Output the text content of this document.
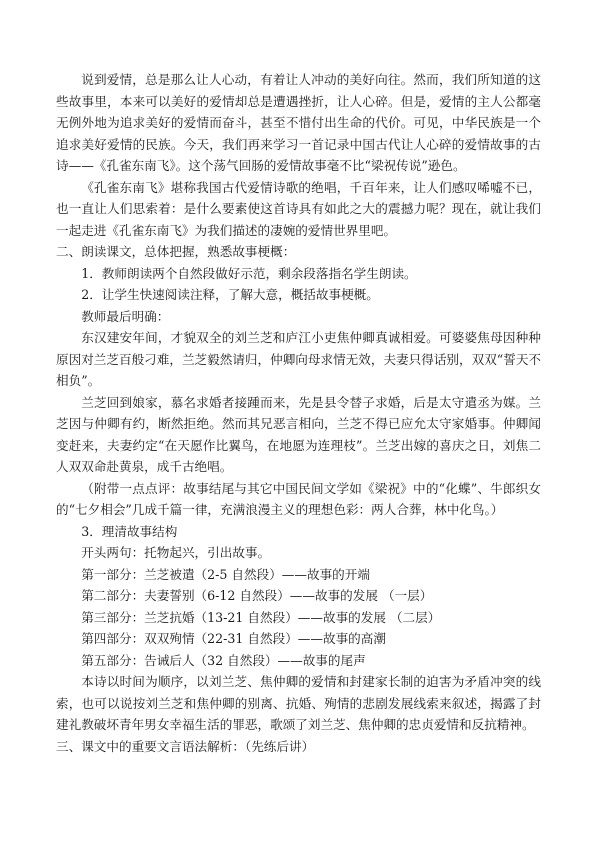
说到爱情，总是那么让人心动，有着让人冲动的美好向往。然而，我们所知道的这些故事里，本来可以美好的爱情却总是遭遇挫折，让人心碎。但是，爱情的主人公都毫无例外地为追求美好的爱情而奋斗，甚至不惜付出生命的代价。可见，中华民族是一个追求美好爱情的民族。今天，我们再来学习一首记录中国古代让人心碎的爱情故事的古诗——《孔雀东南飞》。这个荡气回肠的爱情故事毫不比“梁祝传说”逊色。

《孔雀东南飞》堪称我国古代爱情诗歌的绝唱，千百年来，让人们感叹唏嘘不已，也一直让人们思索着：是什么要素使这首诗具有如此之大的震撼力呢？现在，就让我们一起走进《孔雀东南飞》为我们描述的凄婉的爱情世界里吧。

二、朗读课文，总体把握，熟悉故事梗概：

1．教师朗读两个自然段做好示范，剩余段落指名学生朗读。

2．让学生快速阅读注释，了解大意，概括故事梗概。

教师最后明确：

东汉建安年间，才貌双全的刘兰芝和庐江小吏焦仲卿真诚相爱。可婆婆焦母因种种原因对兰芝百般刁难，兰芝毅然请归，仲卿向母求情无效，夫妻只得话别，双双“誓天不相负”。

兰芝回到娘家，慕名求婚者接踵而来，先是县令替子求婚，后是太守遣丞为媒。兰芝因与仲卿有约，断然拒绝。然而其兄恶言相向，兰芝不得已应允太守家婚事。仲卿闻变赶来，夫妻约定“在天愿作比翼鸟，在地愿为连理枝”。兰芝出嫁的喜庆之日，刘焦二人双双命赴黄泉，成千古绝唱。

（附带一点点评：故事结尾与其它中国民间文学如《梁祝》中的“化蝶”、牛郎织女的“七夕相会”几成千篇一律，充满浪漫主义的理想色彩：两人合葬，林中化鸟。）

3．理清故事结构

开头两句：托物起兴，引出故事。

第一部分：兰芝被遣（2-5 自然段）——故事的开端

第二部分：夫妻誓别（6-12 自然段）——故事的发展 （一层）

第三部分：兰芝抗婚（13-21 自然段）——故事的发展 （二层）

第四部分：双双殉情（22-31 自然段）——故事的高潮

第五部分：告诫后人（32 自然段）——故事的尾声

本诗以时间为顺序，以刘兰芝、焦仲卿的爱情和封建家长制的迫害为矛盾冲突的线索，也可以说按刘兰芝和焦仲卿的别离、抗婚、殉情的悲剧发展线索来叙述，揭露了封建礼教破坏青年男女幸福生活的罪恶，歌颂了刘兰芝、焦仲卿的忠贞爱情和反抗精神。

三、课文中的重要文言语法解析：（先练后讲）
